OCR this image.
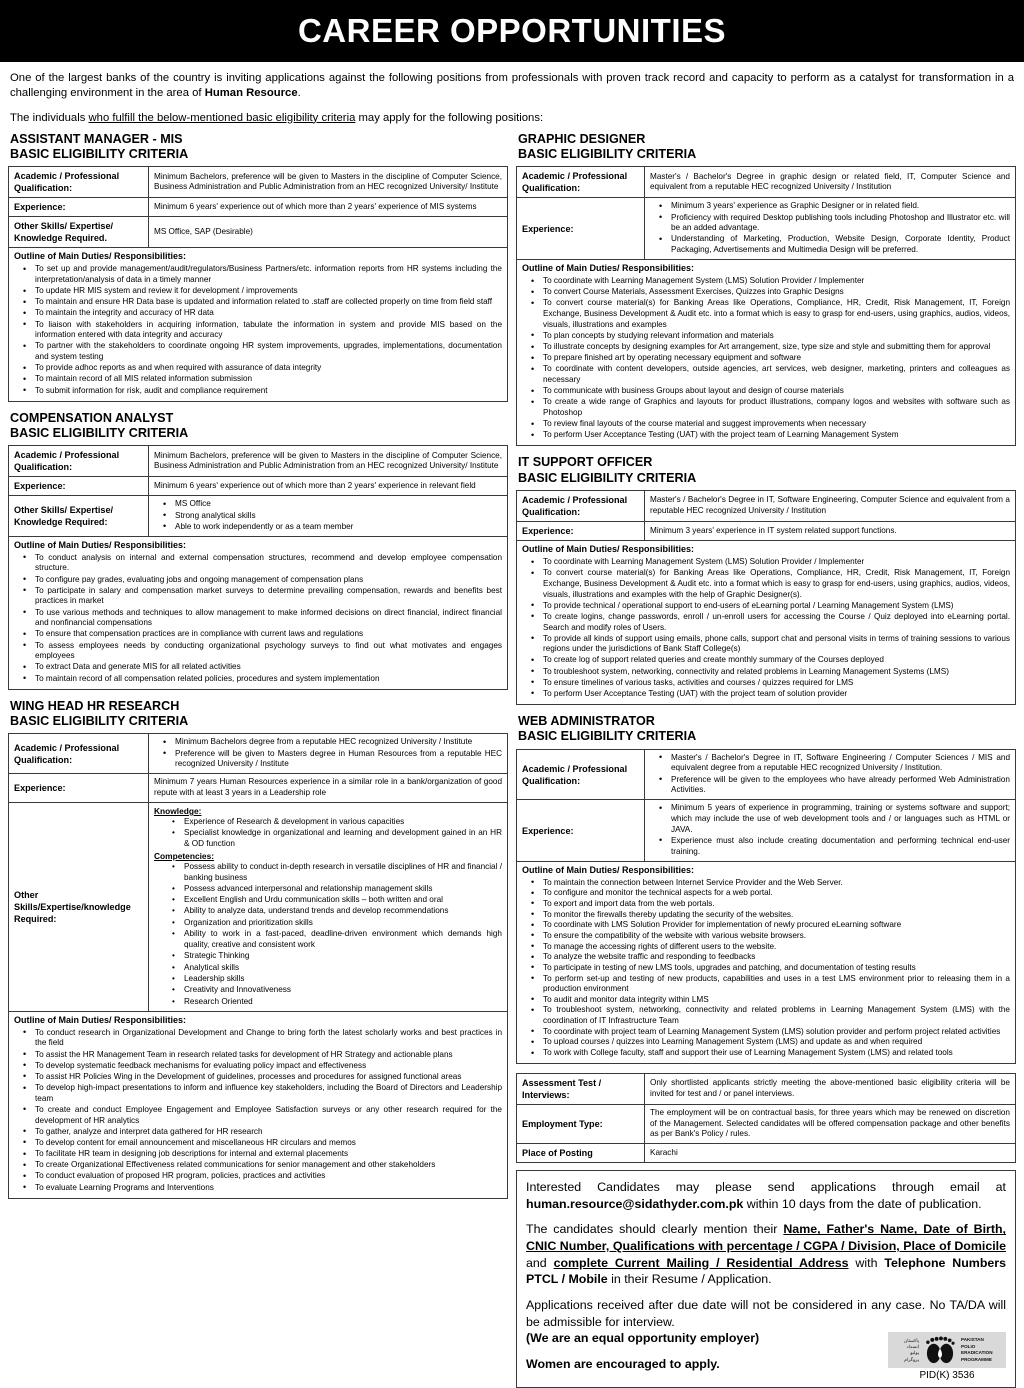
CAREER OPPORTUNITIES

One of the largest banks of the country is inviting applications against the following positions from professionals with proven track record and capacity to perform as a catalyst for transformation in a challenging environment in the area of Human Resource.

The individuals who fulfill the below-mentioned basic eligibility criteria may apply for the following positions:

ASSISTANT MANAGER - MIS
BASIC ELIGIBILITY CRITERIA
Academic / Professional
Qualification:	Minimum Bachelors, preference will be given to Masters in the discipline of Computer Science, Business Administration and Public Administration from an HEC recognized University/ Institute
Experience:	Minimum 6 years' experience out of which more than 2 years' experience of MIS systems
Other Skills/ Expertise/
Knowledge Required.	MS Office, SAP (Desirable)

Outline of Main Duties/ Responsibilities:
• To set up and provide management/audit/regulators/Business Partners/etc. information reports from HR systems including the interpretation/analysis of data in a timely manner
• To update HR MIS system and review it for development / improvements
• To maintain and ensure HR Data base is updated and information related to .staff are collected properly on time from field staff
• To maintain the integrity and accuracy of HR data
• To liaison with stakeholders in acquiring information, tabulate the information in system and provide MIS based on the information entered with data integrity and accuracy
• To partner with the stakeholders to coordinate ongoing HR system improvements, upgrades, implementations, documentation and system testing
• To provide adhoc reports as and when required with assurance of data integrity
• To maintain record of all MIS related information submission
• To submit information for risk, audit and compliance requirement
COMPENSATION ANALYST
BASIC ELIGIBILITY CRITERIA
Academic / Professional
Qualification:	Minimum Bachelors, preference will be given to Masters in the discipline of Computer Science, Business Administration and Public Administration from an HEC recognized University/ Institute
Experience:	Minimum 6 years' experience out of which more than 2 years' experience in relevant field
Other Skills/ Expertise/
Knowledge Required:	
• MS Office
• Strong analytical skills
• Able to work independently or as a team member

Outline of Main Duties/ Responsibilities:
• To conduct analysis on internal and external compensation structures, recommend and develop employee compensation structure.
• To configure pay grades, evaluating jobs and ongoing management of compensation plans
• To participate in salary and compensation market surveys to determine prevailing compensation, rewards and benefits best practices in market
• To use various methods and techniques to allow management to make informed decisions on direct financial, indirect financial and nonfinancial compensations
• To ensure that compensation practices are in compliance with current laws and regulations
• To assess employees needs by conducting organizational psychology surveys to find out what motivates and engages employees
• To extract Data and generate MIS for all related activities
• To maintain record of all compensation related policies, procedures and system implementation
WING HEAD HR RESEARCH
BASIC ELIGIBILITY CRITERIA
Academic / Professional
Qualification:	
• Minimum Bachelors degree from a reputable HEC recognized University / Institute
• Preference will be given to Masters degree in Human Resources from a reputable HEC recognized University / Institute

Experience:	Minimum 7 years Human Resources experience in a similar role in a bank/organization of good repute with at least 3 years in a Leadership role
Other
Skills/Expertise/knowledge
Required:	
Knowledge:
• Experience of Research & development in various capacities
• Specialist knowledge in organizational and learning and development gained in an HR & OD function
Competencies:
• Possess ability to conduct in-depth research in versatile disciplines of HR and financial / banking business
• Possess advanced interpersonal and relationship management skills
• Excellent English and Urdu communication skills – both written and oral
• Ability to analyze data, understand trends and develop recommendations
• Organization and prioritization skills
• Ability to work in a fast-paced, deadline-driven environment which demands high quality, creative and consistent work
• Strategic Thinking
• Analytical skills
• Leadership skills
• Creativity and Innovativeness
• Research Oriented

Outline of Main Duties/ Responsibilities:
• To conduct research in Organizational Development and Change to bring forth the latest scholarly works and best practices in the field
• To assist the HR Management Team in research related tasks for development of HR Strategy and actionable plans
• To develop systematic feedback mechanisms for evaluating policy impact and effectiveness
• To assist HR Policies Wing in the Development of guidelines, processes and procedures for assigned functional areas
• To develop high-impact presentations to inform and influence key stakeholders, including the Board of Directors and Leadership team
• To create and conduct Employee Engagement and Employee Satisfaction surveys or any other research required for the development of HR analytics
• To gather, analyze and interpret data gathered for HR research
• To develop content for email announcement and miscellaneous HR circulars and memos
• To facilitate HR team in designing job descriptions for internal and external placements
• To create Organizational Effectiveness related communications for senior management and other stakeholders
• To conduct evaluation of proposed HR program, policies, practices and activities
• To evaluate Learning Programs and Interventions
GRAPHIC DESIGNER
BASIC ELIGIBILITY CRITERIA
Academic / Professional
Qualification:	Master's / Bachelor's Degree in graphic design or related field, IT, Computer Science and equivalent from a reputable HEC recognized University / Institution
Experience:	
• Minimum 3 years' experience as Graphic Designer or in related field.
• Proficiency with required Desktop publishing tools including Photoshop and Illustrator etc. will be an added advantage.
• Understanding of Marketing, Production, Website Design, Corporate Identity, Product Packaging, Advertisements and Multimedia Design will be preferred.

Outline of Main Duties/ Responsibilities:
• To coordinate with Learning Management System (LMS) Solution Provider / Implementer
• To convert Course Materials, Assessment Exercises, Quizzes into Graphic Designs
• To convert course material(s) for Banking Areas like Operations, Compliance, HR, Credit, Risk Management, IT, Foreign Exchange, Business Development & Audit etc. into a format which is easy to grasp for end-users, using graphics, audios, videos, visuals, illustrations and examples
• To plan concepts by studying relevant information and materials
• To illustrate concepts by designing examples for Art arrangement, size, type size and style and submitting them for approval
• To prepare finished art by operating necessary equipment and software
• To coordinate with content developers, outside agencies, art services, web designer, marketing, printers and colleagues as necessary
• To communicate with business Groups about layout and design of course materials
• To create a wide range of Graphics and layouts for product illustrations, company logos and websites with software such as Photoshop
• To review final layouts of the course material and suggest improvements when necessary
• To perform User Acceptance Testing (UAT) with the project team of Learning Management System
IT SUPPORT OFFICER
BASIC ELIGIBILITY CRITERIA
Academic / Professional
Qualification:	Master's / Bachelor's Degree in IT, Software Engineering, Computer Science and equivalent from a reputable HEC recognized University / Institution
Experience:	Minimum 3 years' experience in IT system related support functions.

Outline of Main Duties/ Responsibilities:
• To coordinate with Learning Management System (LMS) Solution Provider / Implementer
• To convert course material(s) for Banking Areas like Operations, Compliance, HR, Credit, Risk Management, IT, Foreign Exchange, Business Development & Audit etc. into a format which is easy to grasp for end-users, using graphics, audios, videos, visuals, illustrations and examples with the help of Graphic Designer(s).
• To provide technical / operational support to end-users of eLearning portal / Learning Management System (LMS)
• To create logins, change passwords, enroll / un-enroll users for accessing the Course / Quiz deployed into eLearning portal. Search and modify roles of Users.
• To provide all kinds of support using emails, phone calls, support chat and personal visits in terms of training sessions to various regions under the jurisdictions of Bank Staff College(s)
• To create log of support related queries and create monthly summary of the Courses deployed
• To troubleshoot system, networking, connectivity and related problems in Learning Management Systems (LMS)
• To ensure timelines of various tasks, activities and courses / quizzes required for LMS
• To perform User Acceptance Testing (UAT) with the project team of solution provider
WEB ADMINISTRATOR
BASIC ELIGIBILITY CRITERIA
Academic / Professional
Qualification:	
• Master's / Bachelor's Degree in IT, Software Engineering / Computer Sciences / MIS and equivalent degree from a reputable HEC recognized University / Institution.
• Preference will be given to the employees who have already performed Web Administration Activities.

Experience:	
• Minimum 5 years of experience in programming, training or systems software and support; which may include the use of web development tools and / or languages such as HTML or JAVA.
• Experience must also include creating documentation and performing technical end-user training.

Outline of Main Duties/ Responsibilities:
• To maintain the connection between Internet Service Provider and the Web Server.
• To configure and monitor the technical aspects for a web portal.
• To export and import data from the web portals.
• To monitor the firewalls thereby updating the security of the websites.
• To coordinate with LMS Solution Provider for implementation of newly procured eLearning software
• To ensure the compatibility of the website with various website browsers.
• To manage the accessing rights of different users to the website.
• To analyze the website traffic and responding to feedbacks
• To participate in testing of new LMS tools, upgrades and patching, and documentation of testing results
• To perform set-up and testing of new products, capabilities and uses in a test LMS environment prior to releasing them in a production environment
• To audit and monitor data integrity within LMS
• To troubleshoot system, networking, connectivity and related problems in Learning Management System (LMS) with the coordination of IT Infrastructure Team
• To coordinate with project team of Learning Management System (LMS) solution provider and perform project related activities
• To upload courses / quizzes into Learning Management System (LMS) and update as and when required
• To work with College faculty, staff and support their use of Learning Management System (LMS) and related tools
Assessment Test /
Interviews:	Only shortlisted applicants strictly meeting the above-mentioned basic eligibility criteria will be invited for test and / or panel interviews.
Employment Type:	The employment will be on contractual basis, for three years which may be renewed on discretion of the Management. Selected candidates will be offered compensation package and other benefits as per Bank's Policy / rules.
Place of Posting	Karachi

Interested Candidates may please send applications through email at human.resource@sidathyder.com.pk within 10 days from the date of publication.

The candidates should clearly mention their Name, Father's Name, Date of Birth, CNIC Number, Qualifications with percentage / CGPA / Division, Place of Domicile and complete Current Mailing / Residential Address with Telephone Numbers PTCL / Mobile in their Resume / Application.

Applications received after due date will not be considered in any case. No TA/DA will be admissible for interview.

(We are an equal opportunity employer)

Women are encouraged to apply.

پاکستان
انسداد
پولیو
پروگرام
PAKISTAN
POLIO
ERADICATION
PROGRAMME
PID(K) 3536
